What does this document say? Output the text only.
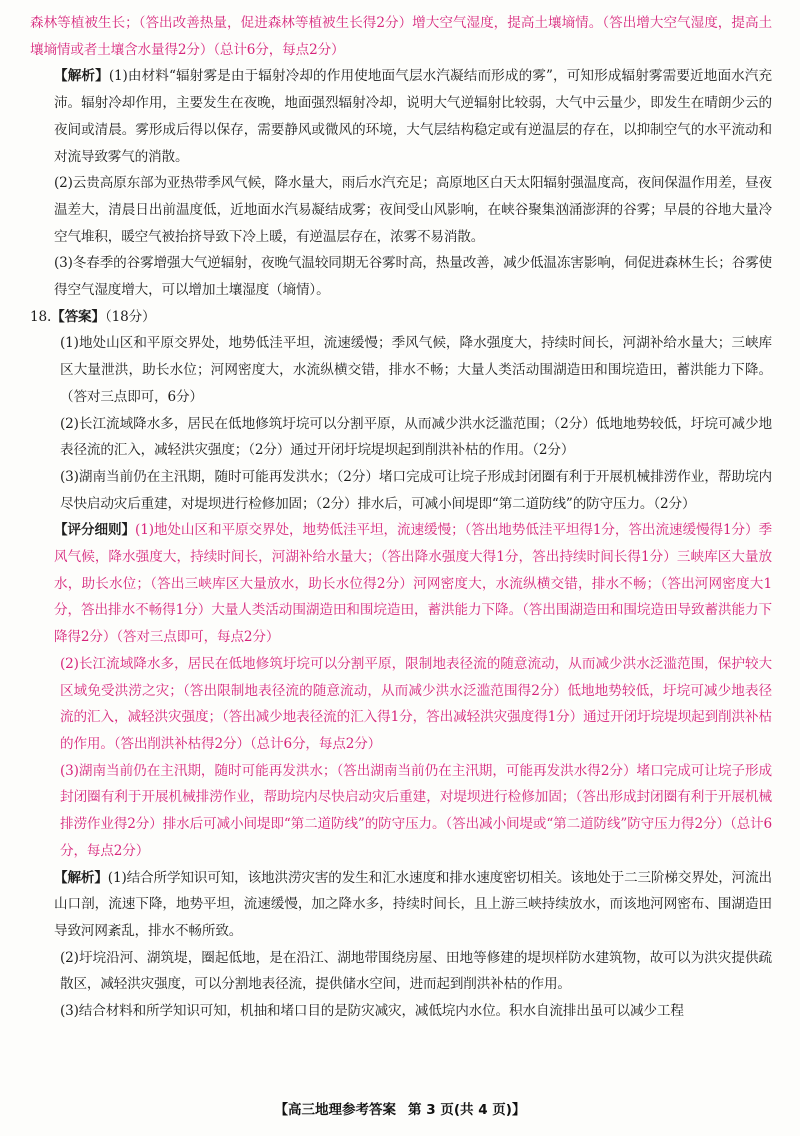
森林等植被生长；（答出改善热量，促进森林等植被生长得2分）增大空气湿度，提高土壤墒情。（答出增大空气湿度，提高土壤墒情或者土壤含水量得2分）（总计6分，每点2分）

【解析】(1)由材料“辐射雾是由于辐射冷却的作用使地面气层水汽凝结而形成的雾”，可知形成辐射雾需要近地面水汽充沛。辐射冷却作用，主要发生在夜晚，地面强烈辐射冷却，说明大气逆辐射比较弱，大气中云量少，即发生在晴朗少云的夜间或清晨。雾形成后得以保存，需要静风或微风的环境，大气层结构稳定或有逆温层的存在，以抑制空气的水平流动和对流导致雾气的消散。

(2)云贵高原东部为亚热带季风气候，降水量大，雨后水汽充足；高原地区白天太阳辐射强温度高，夜间保温作用差，昼夜温差大，清晨日出前温度低，近地面水汽易凝结成雾；夜间受山风影响，在峡谷聚集汹涌澎湃的谷雾；早晨的谷地大量冷空气堆积，暖空气被抬挤导致下冷上暖，有逆温层存在，浓雾不易消散。

(3)冬春季的谷雾增强大气逆辐射，夜晚气温较同期无谷雾时高，热量改善，减少低温冻害影响，伺促进森林生长；谷雾使得空气湿度增大，可以增加土壤湿度（墒情）。

18.【答案】（18分）

(1)地处山区和平原交界处，地势低洼平坦，流速缓慢；季风气候，降水强度大，持续时间长，河湖补给水量大；三峡库区大量泄洪，助长水位；河网密度大，水流纵横交错，排水不畅；大量人类活动围湖造田和围垸造田，蓄洪能力下降。（答对三点即可，6分）

(2)长江流域降水多，居民在低地修筑圩垸可以分割平原，从而减少洪水泛滥范围；（2分）低地地势较低，圩垸可减少地表径流的汇入，减轻洪灾强度；（2分）通过开闭圩垸堤坝起到削洪补枯的作用。（2分）

(3)湖南当前仍在主汛期，随时可能再发洪水；（2分）堵口完成可让垸子形成封闭圈有利于开展机械排涝作业，帮助垸内尽快启动灾后重建，对堤坝进行检修加固；（2分）排水后，可减小间堤即“第二道防线”的防守压力。（2分）

【评分细则】(1)地处山区和平原交界处，地势低洼平坦，流速缓慢；（答出地势低洼平坦得1分，答出流速缓慢得1分）季风气候，降水强度大，持续时间长，河湖补给水量大；（答出降水强度大得1分，答出持续时间长得1分）三峡库区大量放水，助长水位；（答出三峡库区大量放水，助长水位得2分）河网密度大，水流纵横交错，排水不畅；（答出河网密度大1分，答出排水不畅得1分）大量人类活动围湖造田和围垸造田，蓄洪能力下降。（答出围湖造田和围垸造田导致蓄洪能力下降得2分）（答对三点即可，每点2分）

(2)长江流域降水多，居民在低地修筑圩垸可以分割平原，限制地表径流的随意流动，从而减少洪水泛滥范围，保护较大区域免受洪涝之灾；（答出限制地表径流的随意流动，从而减少洪水泛滥范围得2分）低地地势较低，圩垸可减少地表径流的汇入，减轻洪灾强度；（答出减少地表径流的汇入得1分，答出减轻洪灾强度得1分）通过开闭圩垸堤坝起到削洪补枯的作用。（答出削洪补枯得2分）（总计6分，每点2分）

(3)湖南当前仍在主汛期，随时可能再发洪水；（答出湖南当前仍在主汛期，可能再发洪水得2分）堵口完成可让垸子形成封闭圈有利于开展机械排涝作业，帮助垸内尽快启动灾后重建，对堤坝进行检修加固；（答出形成封闭圈有利于开展机械排涝作业得2分）排水后可减小间堤即“第二道防线”的防守压力。（答出减小间堤或“第二道防线”防守压力得2分）（总计6分，每点2分）

【解析】(1)结合所学知识可知，该地洪涝灾害的发生和汇水速度和排水速度密切相关。该地处于二三阶梯交界处，河流出山口剖，流速下降，地势平坦，流速缓慢，加之降水多，持续时间长，且上游三峡持续放水，而该地河网密布、围湖造田导致河网紊乱，排水不畅所致。

(2)圩垸沿河、湖筑堤，圈起低地，是在沿江、湖地带围绕房屋、田地等修建的堤坝样防水建筑物，故可以为洪灾提供疏散区，减轻洪灾强度，可以分割地表径流，提供储水空间，进而起到削洪补枯的作用。

(3)结合材料和所学知识可知，机抽和堵口目的是防灾减灾，减低垸内水位。积水自流排出虽可以减少工程

【高三地理参考答案 第 3 页(共 4 页)】
